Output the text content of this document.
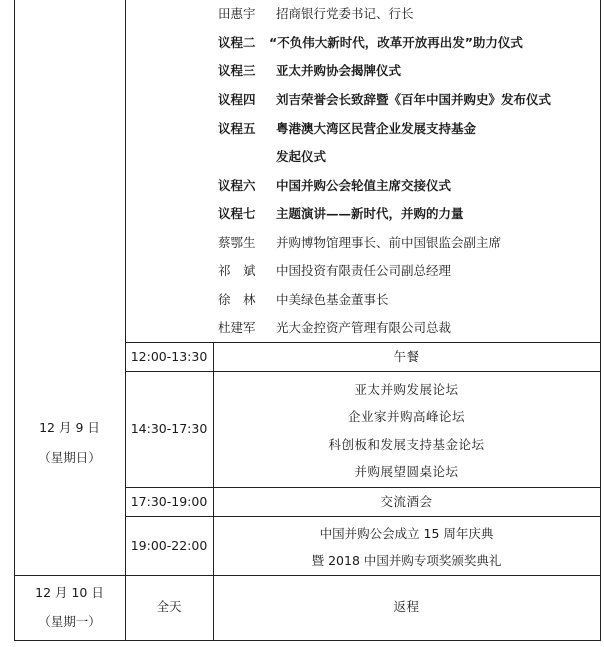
田惠宇 招商银行党委书记、行长
议程二 “不负伟大新时代，改革开放再出发”助力仪式
议程三 亚太并购协会揭牌仪式
议程四 刘吉荣誉会长致辞暨《百年中国并购史》发布仪式
议程五 粤港澳大湾区民营企业发展支持基金
发起仪式
议程六 中国并购公会轮值主席交接仪式
议程七 主题演讲——新时代，并购的力量
蔡鄂生 并购博物馆理事长、前中国银监会副主席
祁　斌 中国投资有限责任公司副总经理
徐　林 中美绿色基金董事长
杜建军 光大金控资产管理有限公司总裁
12 月 9 日
（星期日）
12 月 10 日
（星期一）
12:00-13:30
14:30-17:30
17:30-19:00
19:00-22:00
全天
午餐
亚太并购发展论坛
企业家并购高峰论坛
科创板和发展支持基金论坛
并购展望圆桌论坛
交流酒会
中国并购公会成立 15 周年庆典
暨 2018 中国并购专项奖颁奖典礼
返程
